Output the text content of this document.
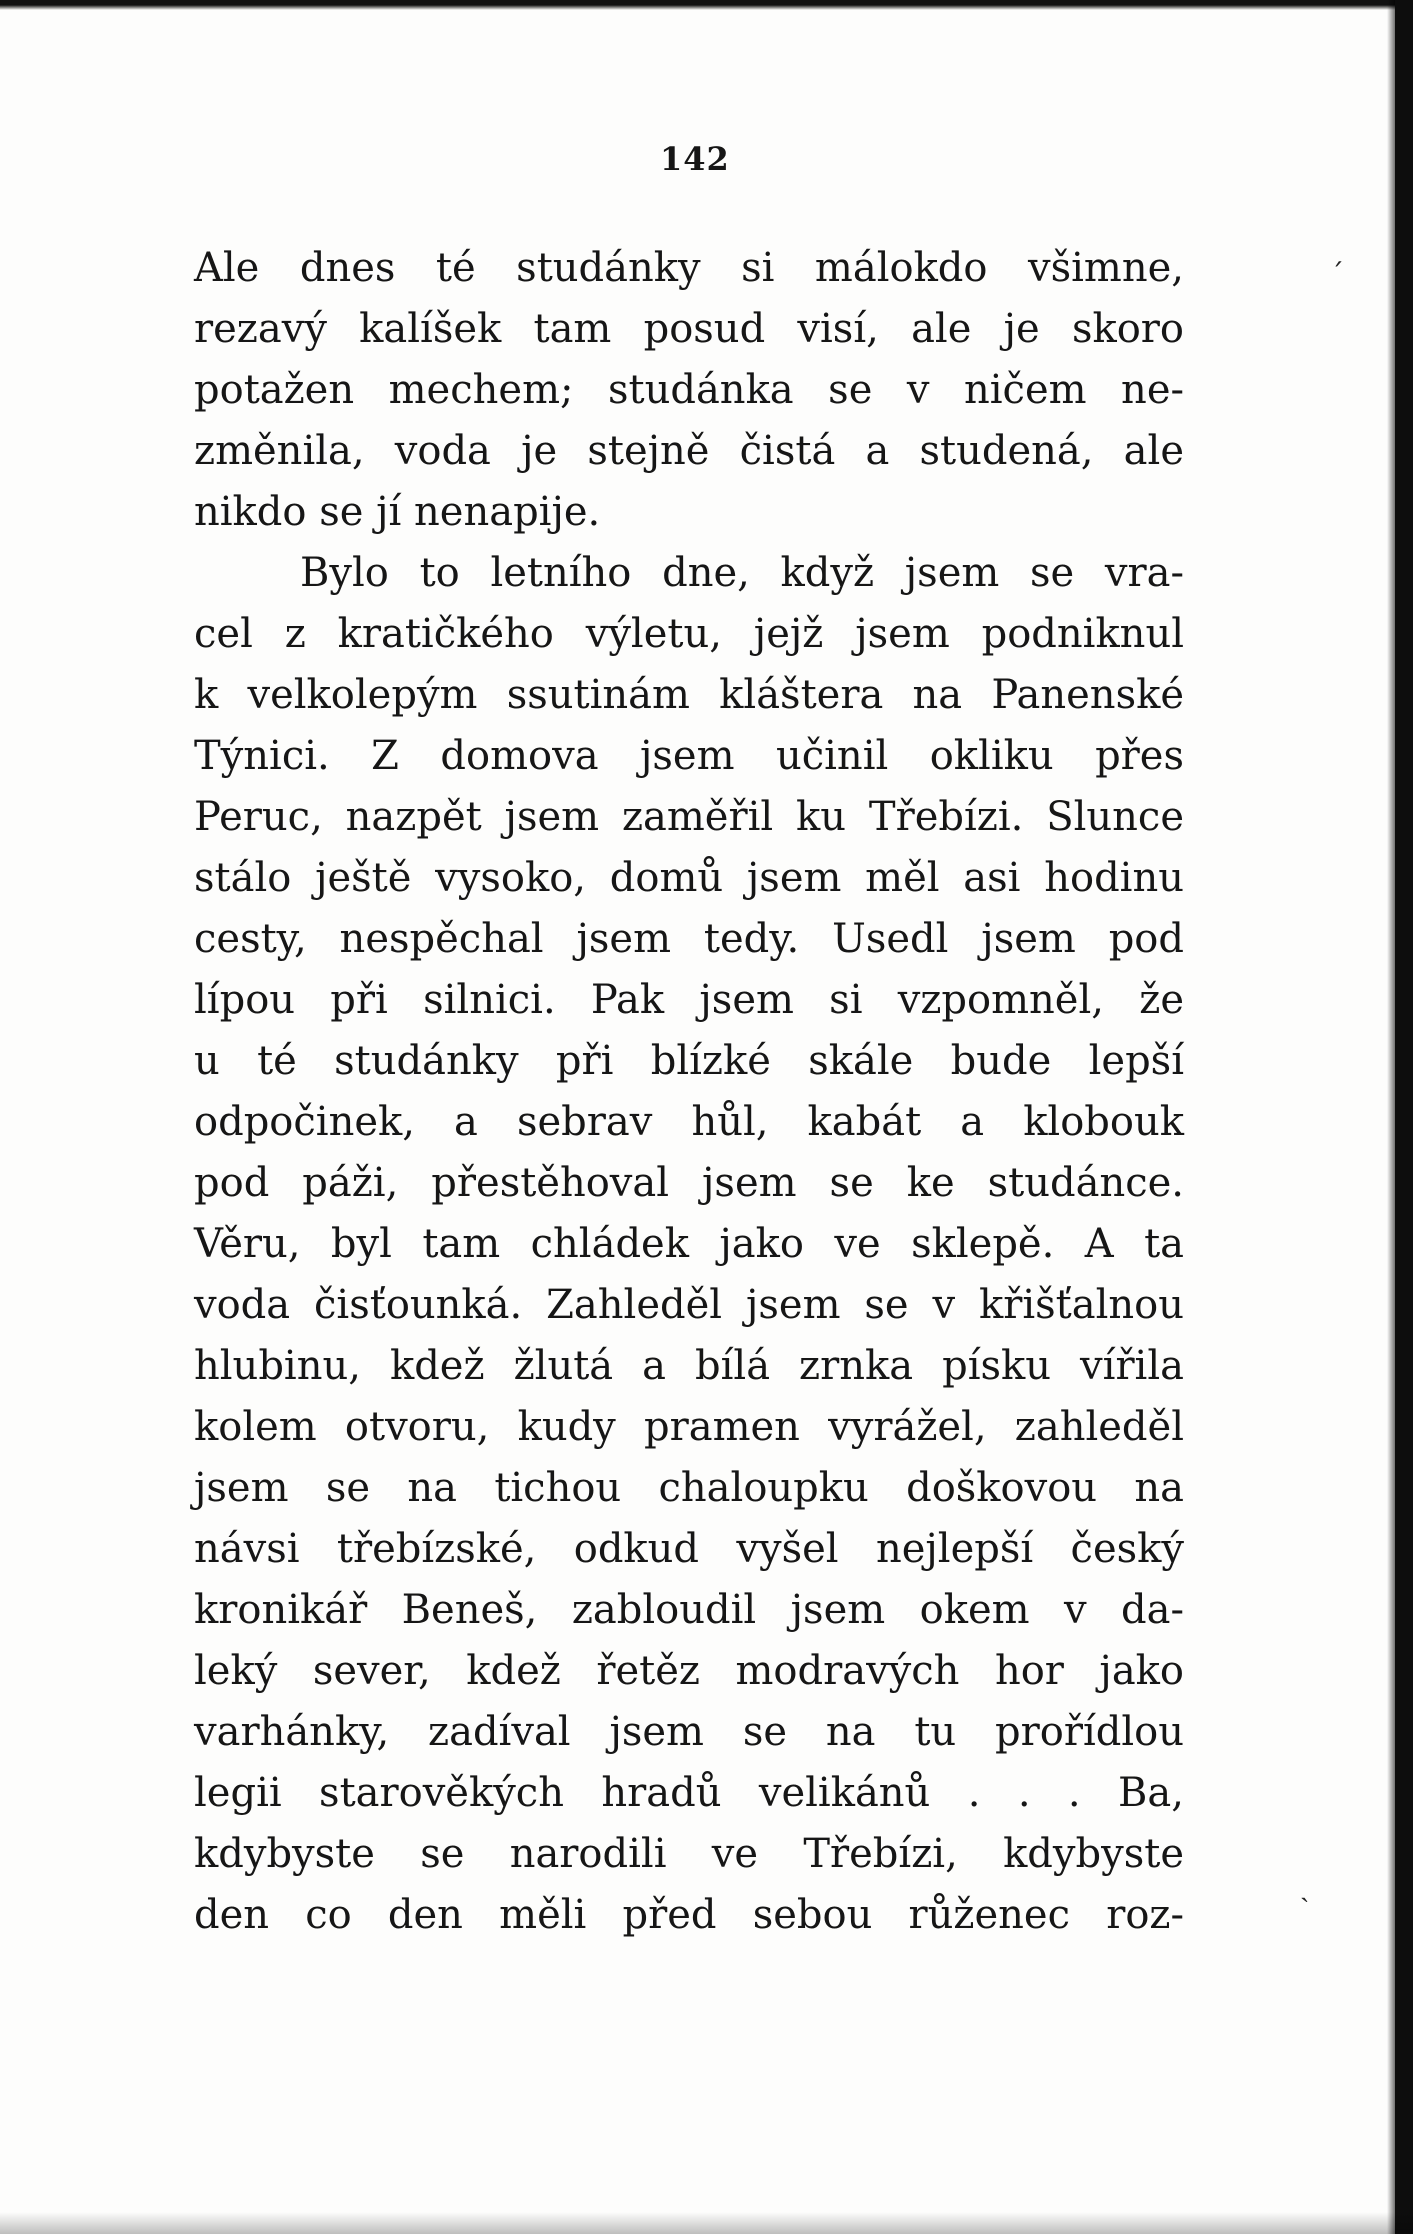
ˊ
ˎ
142
Ale dnes té studánky si málokdo všimne,
rezavý kalíšek tam posud visí, ale je skoro
potažen mechem; studánka se v ničem ne-
změnila, voda je stejně čistá a studená, ale
nikdo se jí nenapije.
Bylo to letního dne, když jsem se vra-
cel z kratičkého výletu, jejž jsem podniknul
k velkolepým ssutinám kláštera na Panenské
Týnici. Z domova jsem učinil okliku přes
Peruc, nazpět jsem zaměřil ku Třebízi. Slunce
stálo ještě vysoko, domů jsem měl asi hodinu
cesty, nespěchal jsem tedy. Usedl jsem pod
lípou při silnici. Pak jsem si vzpomněl, že
u té studánky při blízké skále bude lepší
odpočinek, a sebrav hůl, kabát a klobouk
pod páži, přestěhoval jsem se ke studánce.
Věru, byl tam chládek jako ve sklepě. A ta
voda čisťounká. Zahleděl jsem se v křišťalnou
hlubinu, kdež žlutá a bílá zrnka písku vířila
kolem otvoru, kudy pramen vyrážel, zahleděl
jsem se na tichou chaloupku doškovou na
návsi třebízské, odkud vyšel nejlepší český
kronikář Beneš, zabloudil jsem okem v da-
leký sever, kdež řetěz modravých hor jako
varhánky, zadíval jsem se na tu prořídlou
legii starověkých hradů velikánů . . . Ba,
kdybyste se narodili ve Třebízi, kdybyste
den co den měli před sebou růženec roz-
